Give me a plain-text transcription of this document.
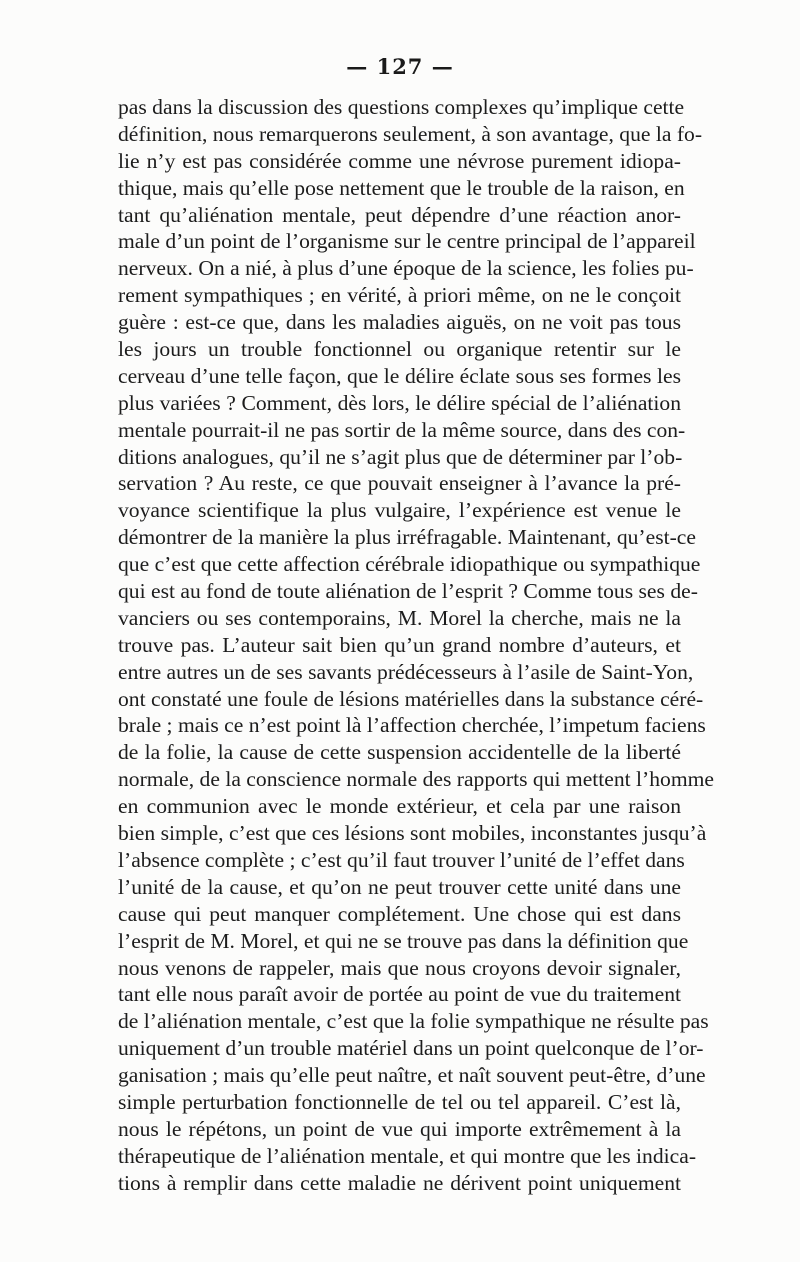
— 127 —
pas dans la discussion des questions complexes qu’implique cette
définition, nous remarquerons seulement, à son avantage, que la fo-
lie n’y est pas considérée comme une névrose purement idiopa-
thique, mais qu’elle pose nettement que le trouble de la raison, en
tant qu’aliénation mentale, peut dépendre d’une réaction anor-
male d’un point de l’organisme sur le centre principal de l’appareil
nerveux. On a nié, à plus d’une époque de la science, les folies pu-
rement sympathiques ; en vérité, à priori même, on ne le conçoit
guère : est-ce que, dans les maladies aiguës, on ne voit pas tous
les jours un trouble fonctionnel ou organique retentir sur le
cerveau d’une telle façon, que le délire éclate sous ses formes les
plus variées ? Comment, dès lors, le délire spécial de l’aliénation
mentale pourrait-il ne pas sortir de la même source, dans des con-
ditions analogues, qu’il ne s’agit plus que de déterminer par l’ob-
servation ? Au reste, ce que pouvait enseigner à l’avance la pré-
voyance scientifique la plus vulgaire, l’expérience est venue le
démontrer de la manière la plus irréfragable. Maintenant, qu’est-ce
que c’est que cette affection cérébrale idiopathique ou sympathique
qui est au fond de toute aliénation de l’esprit ? Comme tous ses de-
vanciers ou ses contemporains, M. Morel la cherche, mais ne la
trouve pas. L’auteur sait bien qu’un grand nombre d’auteurs, et
entre autres un de ses savants prédécesseurs à l’asile de Saint-Yon,
ont constaté une foule de lésions matérielles dans la substance céré-
brale ; mais ce n’est point là l’affection cherchée, l’impetum faciens
de la folie, la cause de cette suspension accidentelle de la liberté
normale, de la conscience normale des rapports qui mettent l’homme
en communion avec le monde extérieur, et cela par une raison
bien simple, c’est que ces lésions sont mobiles, inconstantes jusqu’à
l’absence complète ; c’est qu’il faut trouver l’unité de l’effet dans
l’unité de la cause, et qu’on ne peut trouver cette unité dans une
cause qui peut manquer complétement. Une chose qui est dans
l’esprit de M. Morel, et qui ne se trouve pas dans la définition que
nous venons de rappeler, mais que nous croyons devoir signaler,
tant elle nous paraît avoir de portée au point de vue du traitement
de l’aliénation mentale, c’est que la folie sympathique ne résulte pas
uniquement d’un trouble matériel dans un point quelconque de l’or-
ganisation ; mais qu’elle peut naître, et naît souvent peut-être, d’une
simple perturbation fonctionnelle de tel ou tel appareil. C’est là,
nous le répétons, un point de vue qui importe extrêmement à la
thérapeutique de l’aliénation mentale, et qui montre que les indica-
tions à remplir dans cette maladie ne dérivent point uniquement
